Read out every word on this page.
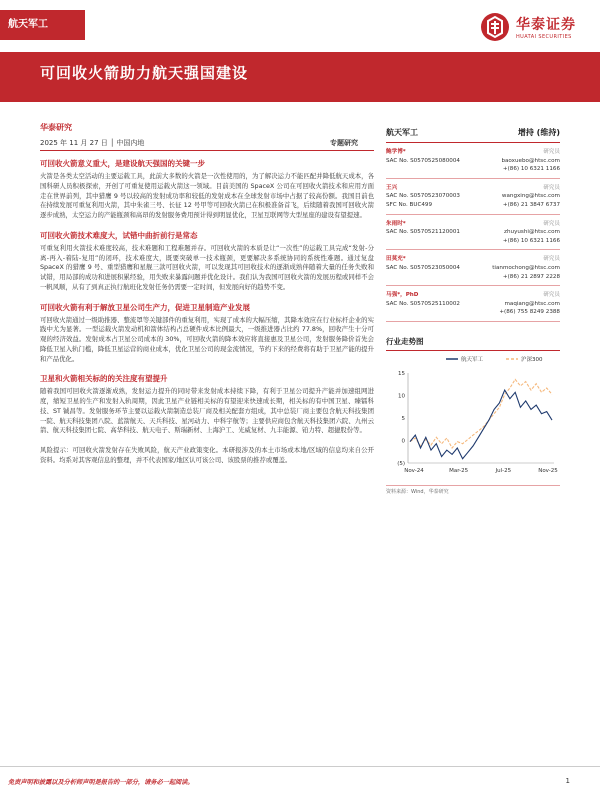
航天军工	华泰证券
HUATAI SECURITIES
可回收火箭助力航天强国建设
华泰研究
2025 年 11 月 27 日 │ 中国内地	专题研究
可回收火箭意义重大，是建设航天强国的关键一步
火箭是各类太空活动的主要运载工具，此前大多数的火箭是一次性使用的，为了解决运力不能匹配并降低航天成本，各国科研人员积极探索，开创了可重复使用运载火箭这一领域。目前美国的 SpaceX 公司在可回收火箭技术和应用方面走在世界前列，其中猎鹰 9 号以较高的发射成功率和较低的发射成本在全球发射市场中占据了较高份额。我国目前也在持续发展可重复利用火箭，其中朱雀三号、长征 12 号甲等可回收火箭已在积极准备首飞，后续随着我国可回收火箭逐步成熟，太空运力的产能瓶颈和高昂的发射服务费用预计得到明显优化，卫星互联网等大型星座的建设有望提速。
可回收火箭技术难度大，试错中曲折前行是常态
可重复利用火箭技术难度较高，技术难题和工程难题并存。可回收火箭的本质是让“一次性”的运载工具完成“发射-分离-再入-着陆-复用”的闭环，技术难度大，既要突破单一技术瓶颈，更要解决多系统协同的系统性难题。通过复盘 SpaceX 的猎鹰 9 号、重型猎鹰和星舰三款可回收火箭，可以发现其可回收技术的逐渐成熟伴随着大量的任务失败和试错，用局部的成功和进展积累经验，用失败来暴露问题并优化设计。我们认为我国可回收火箭的发展历程或同样不会一帆风顺，从有了到真正执行航班化发射任务仍需要一定时间，但发展向好的趋势不变。
可回收火箭有利于解放卫星公司生产力，促进卫星制造产业发展
可回收火箭通过一级助推器、整流罩等关键部件的重复利用，实现了成本的大幅压缩，其降本效应在行业标杆企业的实践中尤为显著。一型运载火箭发动机和箭体结构占总硬件成本比例最大，一级推进器占比约 77.8%，回收产生十分可观的经济效益。发射成本占卫星公司成本的 30%，可回收火箭的降本效应将直接惠及卫星公司，发射服务降价首先会降低卫星入轨门槛，降低卫星运营的商业成本，优化卫星公司的现金流情况，节约下来的经费将有助于卫星产能的提升和产品优化。
卫星和火箭相关标的的关注度有望提升
随着我国可回收火箭逐渐成熟，发射运力提升的同时带来发射成本持续下降，有利于卫星公司提升产能并加速组网进度，缩短卫星的生产和发射入轨周期，因此卫星产业链相关标的有望迎来快速成长期，相关标的有中国卫星、臻镭科技、ST 铖昌等。发射服务环节主要以运载火箭制造总装厂商及相关配套方组成，其中总装厂商主要包含航天科技集团一院、航天科技集团八院、蓝箭航天、天兵科技、星河动力、中科宇航等；主要供应商包含航天科技集团六院、九州云箭、航天科技集团七院、高华科技、航天电子、斯瑞新材、上海沪工、光威复材、九丰能源、铂力特、超捷股份等。
风险提示：可回收火箭发射存在失败风险，航天产业政策变化。本研报涉及的本土市场或本地/区域的信息均来自公开资料。均系对其客观信息的整理，并不代表国家/地区认可该公司、该股票的推荐或覆盖。
航天军工	增持 (维持)
鲍学博*	研究员
SAC No. S0570525080004	baoxuebo@htsc.com
+(86) 10 6321 1166
王兴	研究员
SAC No. S0570523070003	wangxing@htsc.com
SFC No. BUC499	+(86) 21 3847 6737
朱雨时*	研究员
SAC No. S0570521120001	zhuyushi@htsc.com
+(86) 10 6321 1166
田莫充*	研究员
SAC No. S0570523050004	tianmochong@htsc.com
+(86) 21 2897 2228
马强*，PhD	研究员
SAC No. S0570525110002	maqiang@htsc.com
+(86) 755 8249 2388
行业走势图
航天军工	沪深300
(5)
0
5
10
15
Nov-24	Mar-25	Jul-25	Nov-25
资料来源：Wind，华泰研究
免责声明和披露以及分析师声明是报告的一部分，请务必一起阅读。	1
